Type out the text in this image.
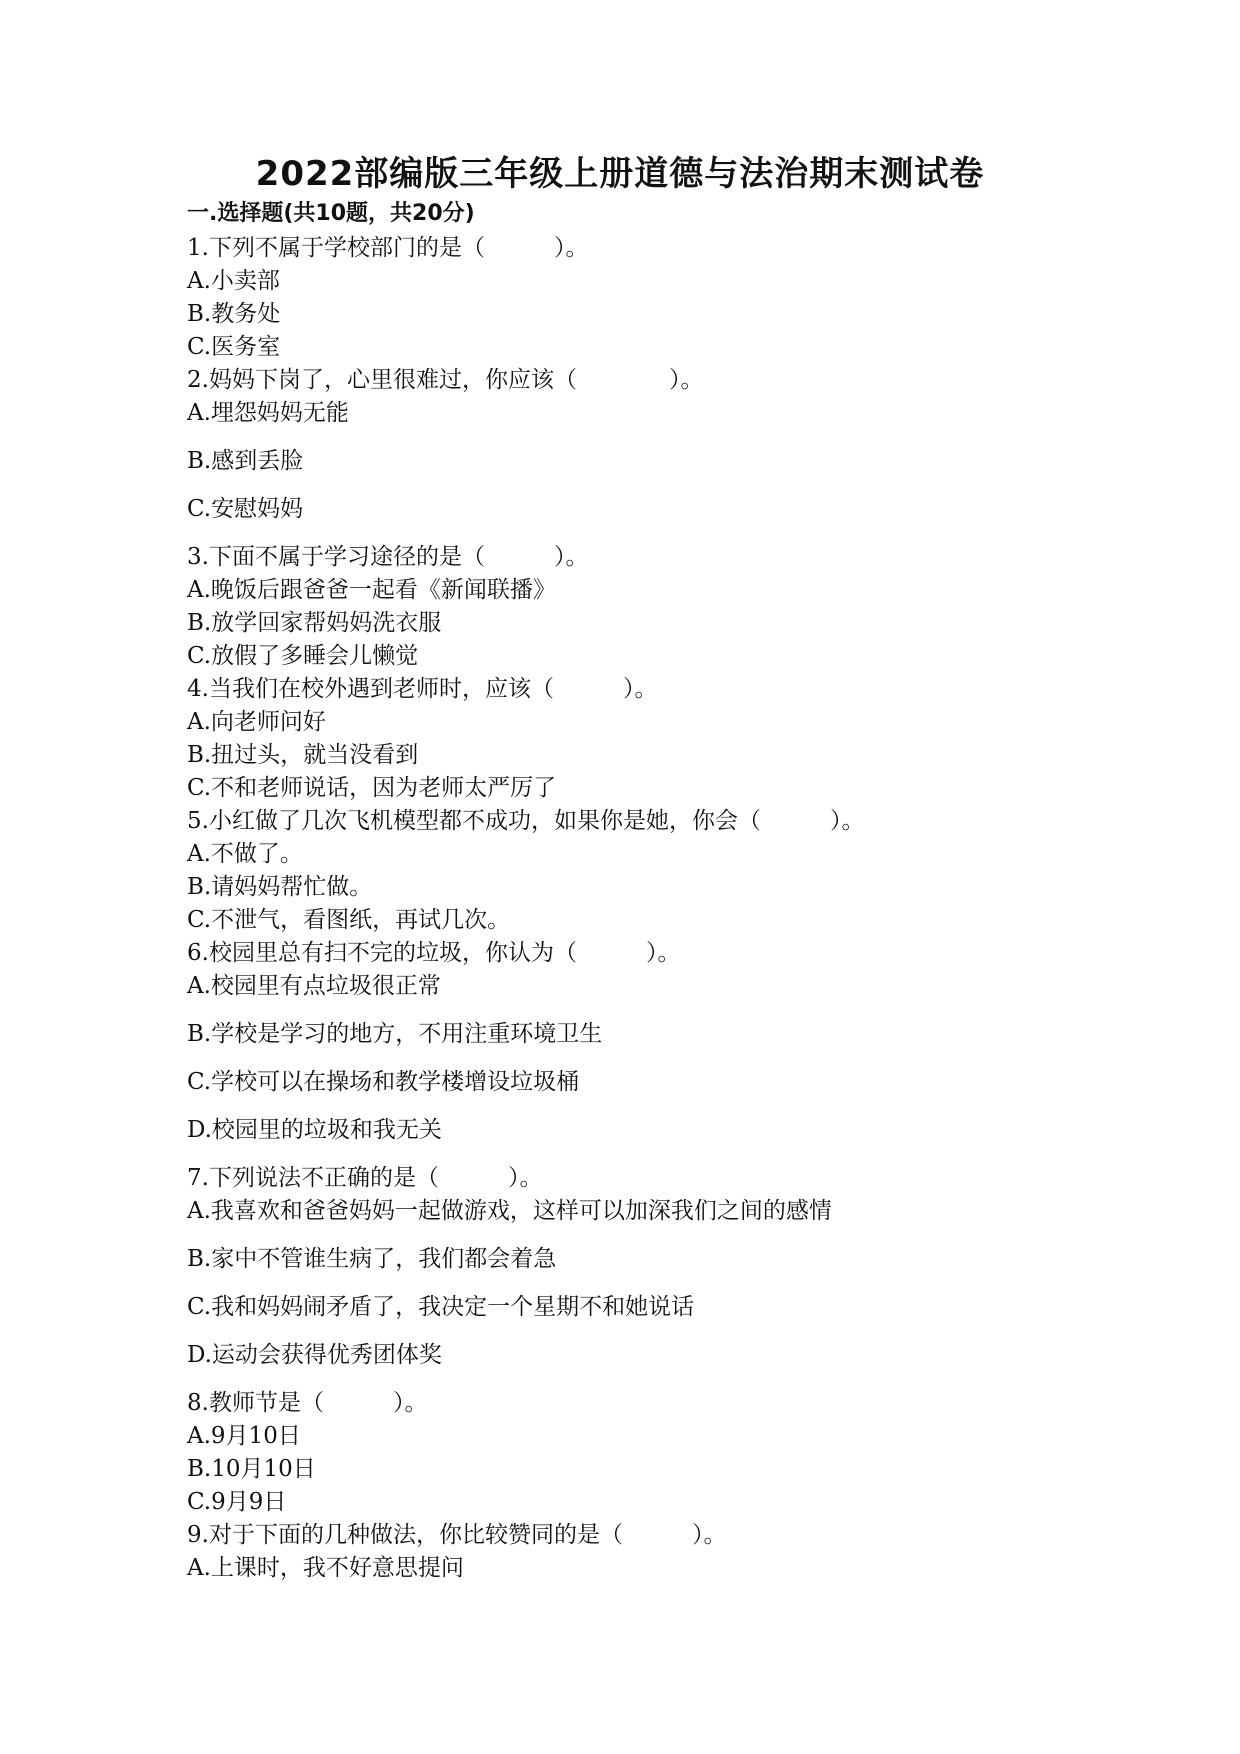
2022部编版三年级上册道德与法治期末测试卷
一.选择题(共10题，共20分)
1.下列不属于学校部门的是（　　　）。
A.小卖部
B.教务处
C.医务室
2.妈妈下岗了，心里很难过，你应该（　　　　）。
A.埋怨妈妈无能
B.感到丢脸
C.安慰妈妈
3.下面不属于学习途径的是（　　　）。
A.晚饭后跟爸爸一起看《新闻联播》
B.放学回家帮妈妈洗衣服
C.放假了多睡会儿懒觉
4.当我们在校外遇到老师时，应该（　　　）。
A.向老师问好
B.扭过头，就当没看到
C.不和老师说话，因为老师太严厉了
5.小红做了几次飞机模型都不成功，如果你是她，你会（　　　）。
A.不做了。
B.请妈妈帮忙做。
C.不泄气，看图纸，再试几次。
6.校园里总有扫不完的垃圾，你认为（　　　）。
A.校园里有点垃圾很正常
B.学校是学习的地方，不用注重环境卫生
C.学校可以在操场和教学楼增设垃圾桶
D.校园里的垃圾和我无关
7.下列说法不正确的是（　　　）。
A.我喜欢和爸爸妈妈一起做游戏，这样可以加深我们之间的感情
B.家中不管谁生病了，我们都会着急
C.我和妈妈闹矛盾了，我决定一个星期不和她说话
D.运动会获得优秀团体奖
8.教师节是（　　　）。
A.9月10日
B.10月10日
C.9月9日
9.对于下面的几种做法，你比较赞同的是（　　　）。
A.上课时，我不好意思提问
